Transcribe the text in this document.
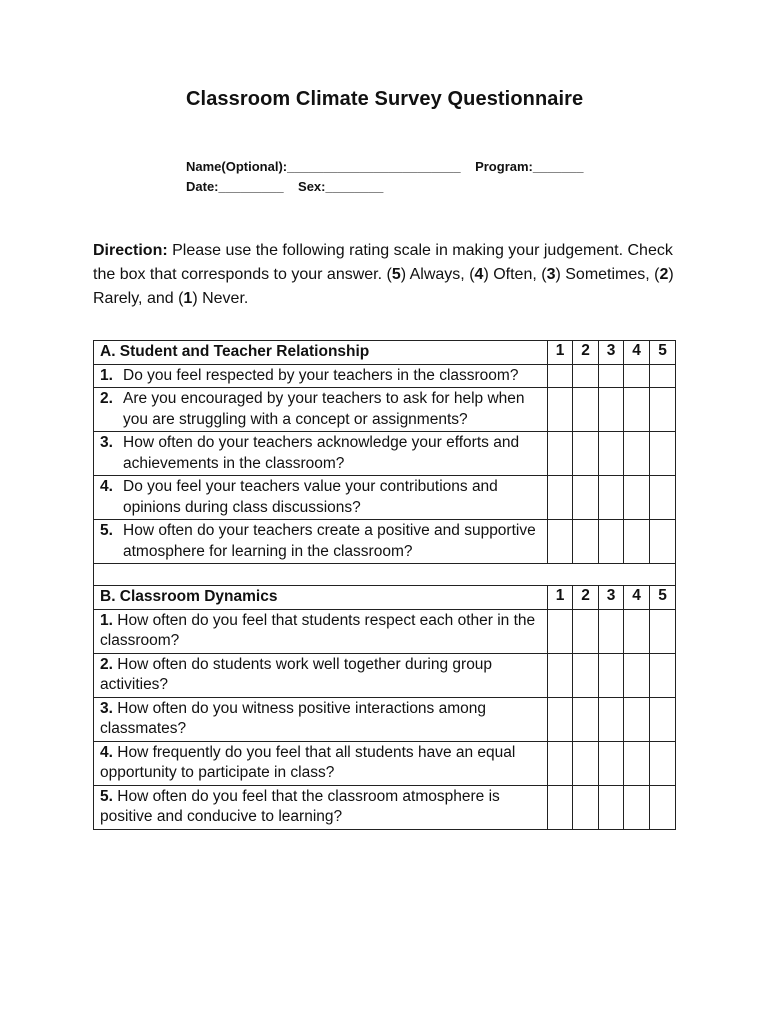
Classroom Climate Survey Questionnaire
Name(Optional):________________________    Program:_______
Date:_________    Sex:________
Direction: Please use the following rating scale in making your judgement. Check the box that corresponds to your answer. (5) Always, (4) Often, (3) Sometimes, (2) Rarely, and (1) Never.
A. Student and Teacher Relationship	1	2	3	4	5

1. Do you feel respected by your teachers in the classroom?					

2. Are you encouraged by your teachers to ask for help when you are struggling with a concept or assignments?					

3. How often do your teachers acknowledge your efforts and achievements in the classroom?					

4. Do you feel your teachers value your contributions and opinions during class discussions?					

5. How often do your teachers create a positive and supportive atmosphere for learning in the classroom?					

B. Classroom Dynamics	1	2	3	4	5

1. How often do you feel that students respect each other in the classroom?					

2. How often do students work well together during group activities?					

3. How often do you witness positive interactions among classmates?					

4. How frequently do you feel that all students have an equal opportunity to participate in class?					

5. How often do you feel that the classroom atmosphere is positive and conducive to learning?					
